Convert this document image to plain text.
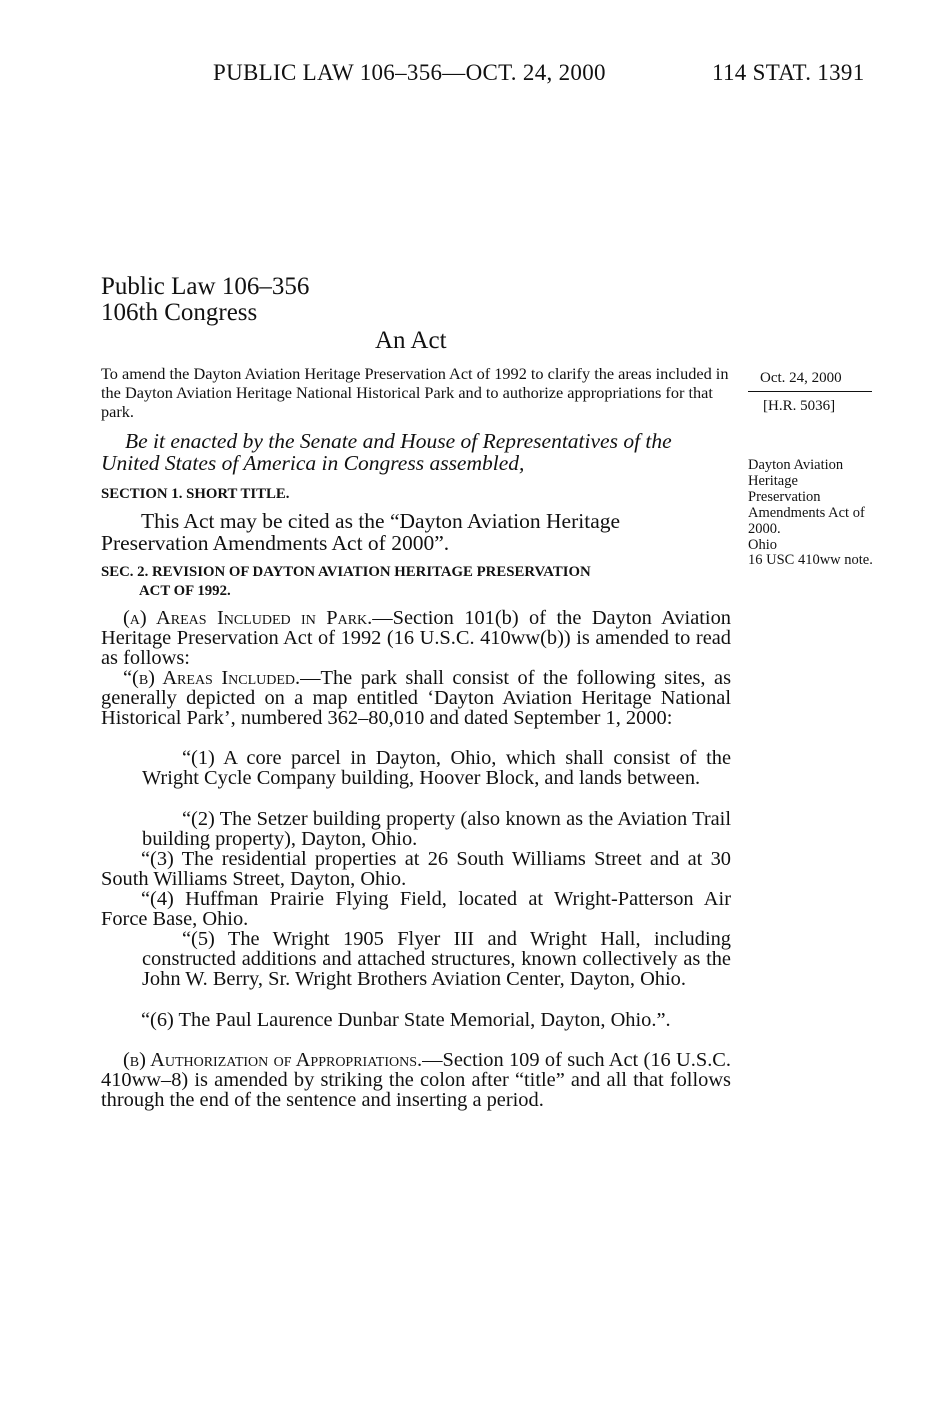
PUBLIC LAW 106–356—OCT. 24, 2000	114 STAT. 1391
Public Law 106–356
106th Congress
An Act
To amend the Dayton Aviation Heritage Preservation Act of 1992 to clarify the areas included in the Dayton Aviation Heritage National Historical Park and to authorize appropriations for that park.
Oct. 24, 2000
[H.R. 5036]
Dayton Aviation Heritage Preservation Amendments Act of 2000.
Ohio
16 USC 410ww note.
Be it enacted by the Senate and House of Representatives of the United States of America in Congress assembled,
SECTION 1. SHORT TITLE.
This Act may be cited as the “Dayton Aviation Heritage Preservation Amendments Act of 2000”.
SEC. 2. REVISION OF DAYTON AVIATION HERITAGE PRESERVATION
ACT OF 1992.
(a) Areas Included in Park.—Section 101(b) of the Dayton Aviation Heritage Preservation Act of 1992 (16 U.S.C. 410ww(b)) is amended to read as follows:
“(b) Areas Included.—The park shall consist of the following sites, as generally depicted on a map entitled ‘Dayton Aviation Heritage National Historical Park’, numbered 362–80,010 and dated September 1, 2000:
“(1) A core parcel in Dayton, Ohio, which shall consist of the Wright Cycle Company building, Hoover Block, and lands between.
“(2) The Setzer building property (also known as the Aviation Trail building property), Dayton, Ohio.
“(3) The residential properties at 26 South Williams Street and at 30 South Williams Street, Dayton, Ohio.
“(4) Huffman Prairie Flying Field, located at Wright-Patterson Air Force Base, Ohio.
“(5) The Wright 1905 Flyer III and Wright Hall, including constructed additions and attached structures, known collectively as the John W. Berry, Sr. Wright Brothers Aviation Center, Dayton, Ohio.
“(6) The Paul Laurence Dunbar State Memorial, Dayton, Ohio.”.
(b) Authorization of Appropriations.—Section 109 of such Act (16 U.S.C. 410ww–8) is amended by striking the colon after “title” and all that follows through the end of the sentence and inserting a period.
